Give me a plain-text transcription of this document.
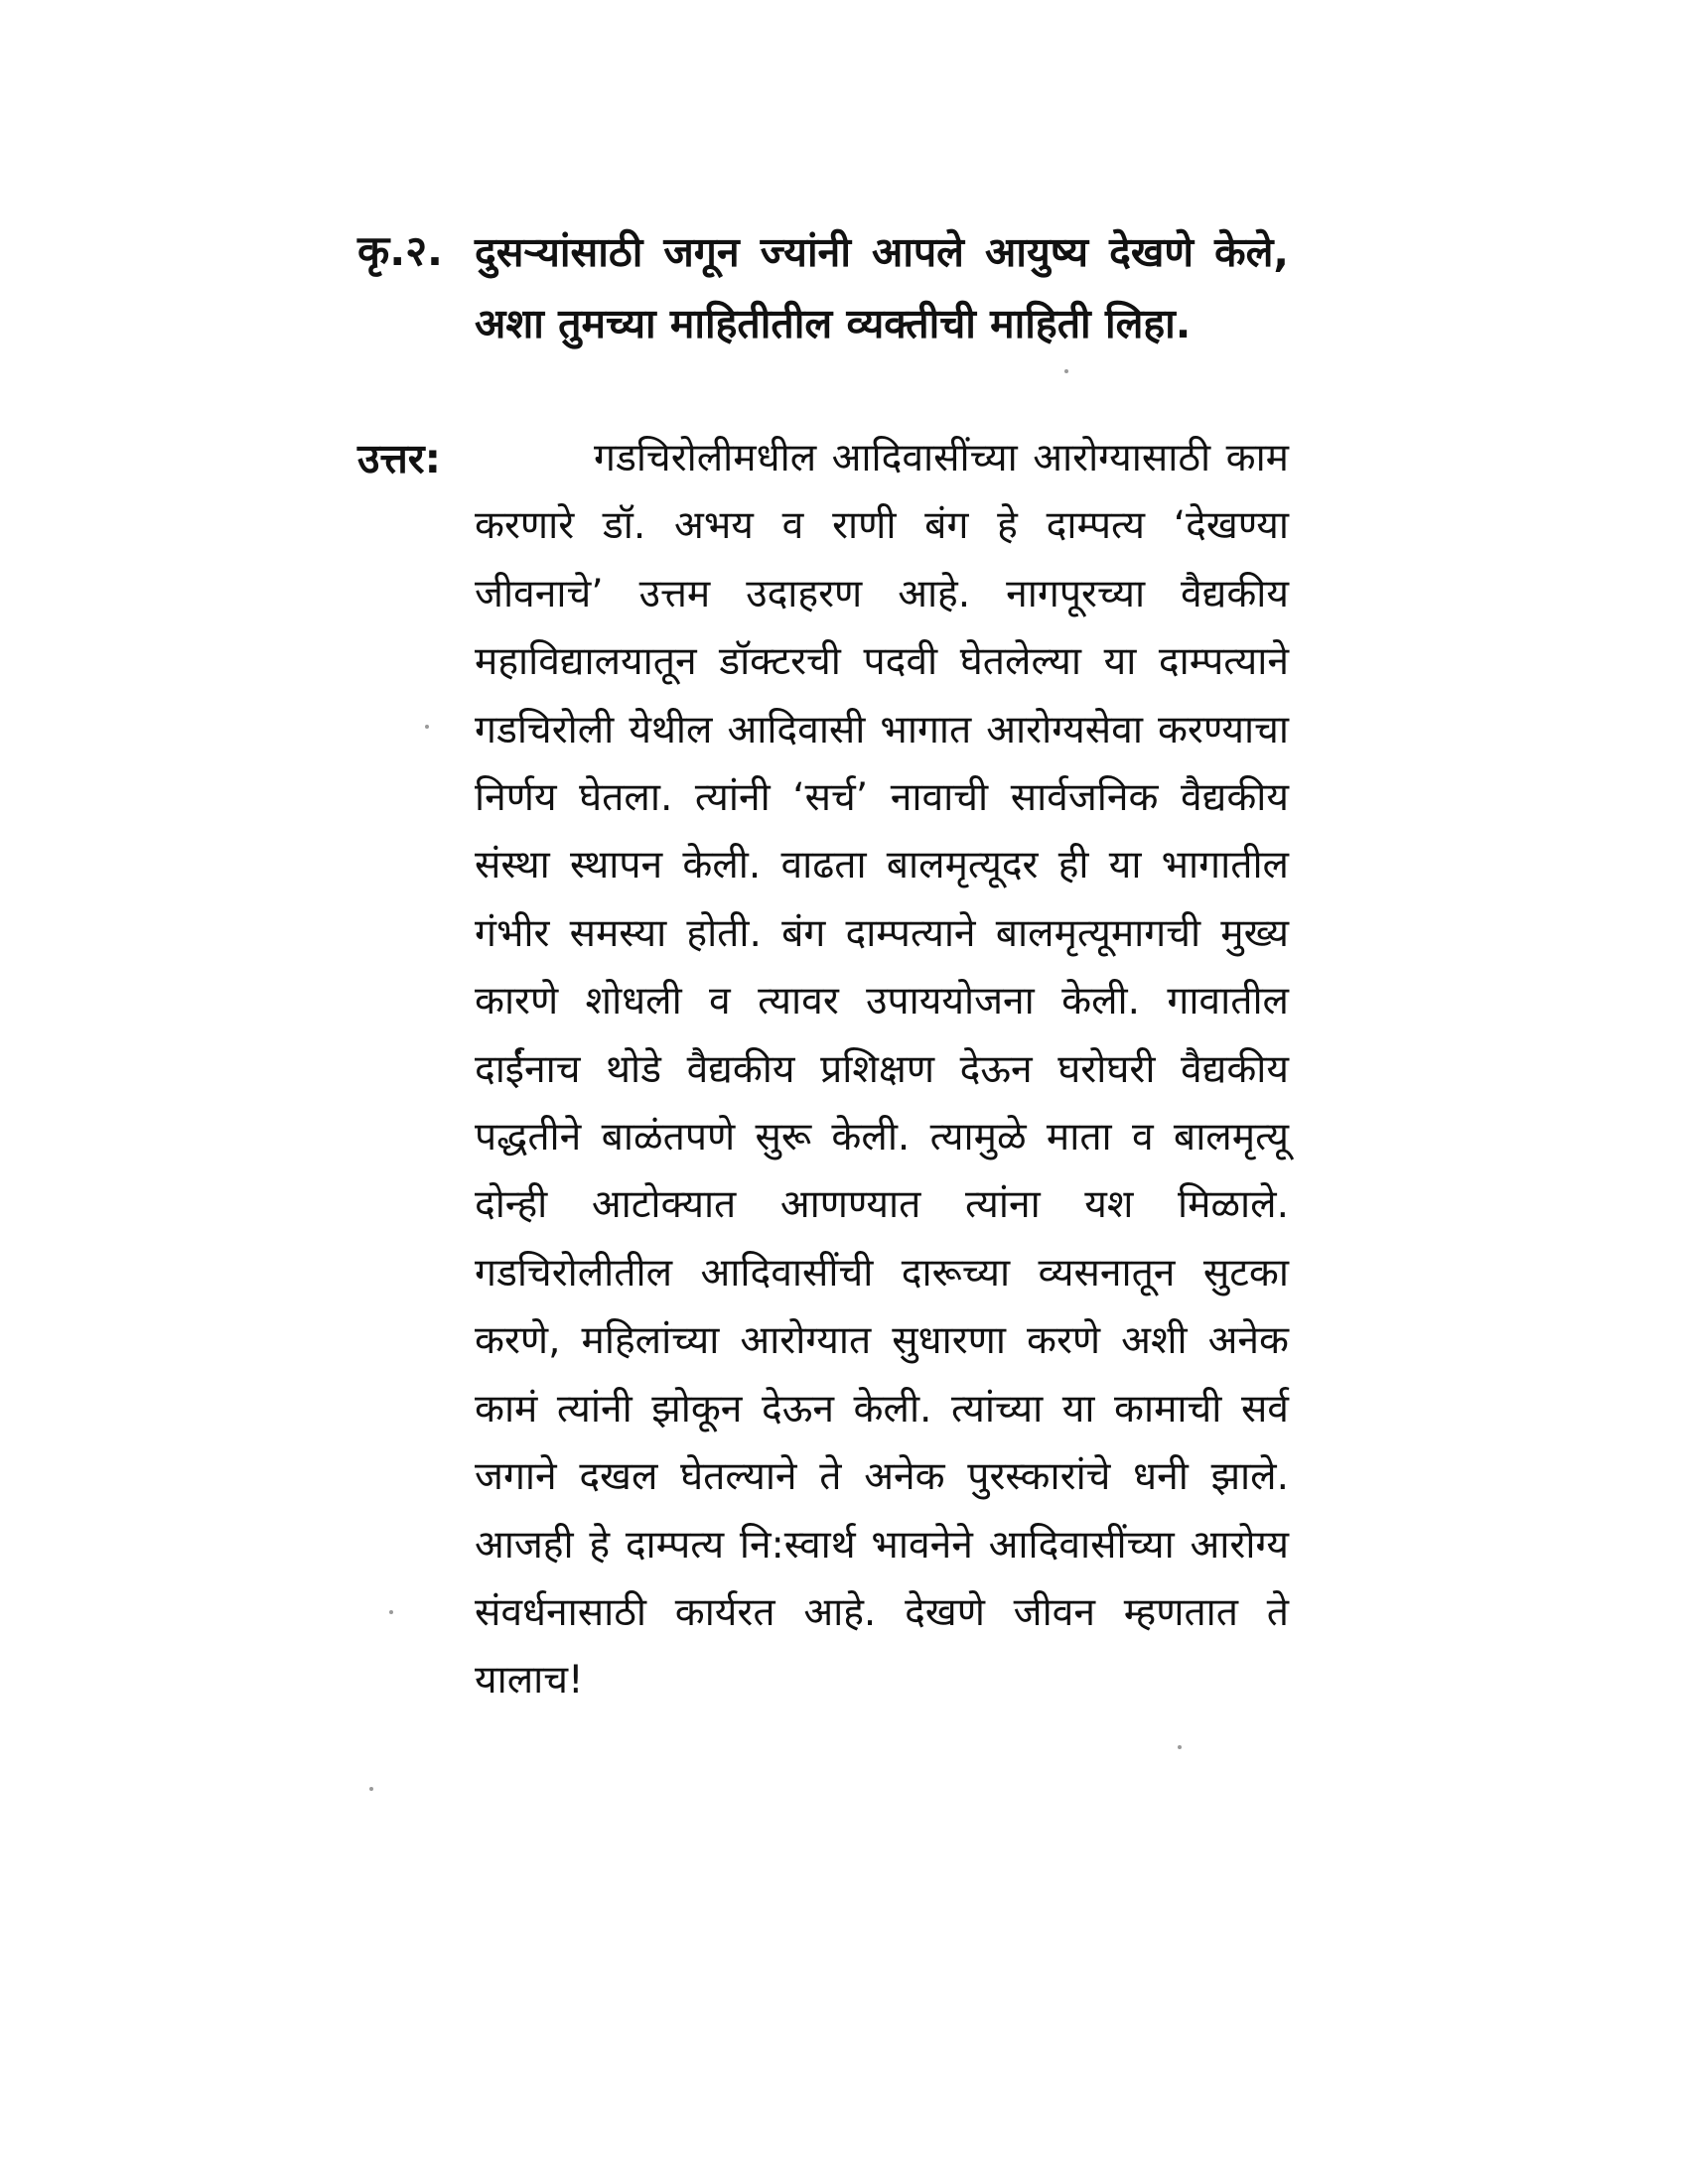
कृ.२. दुसऱ्यांसाठी जगून ज्यांनी आपले आयुष्य देखणे केले, अशा तुमच्या माहितीतील व्यक्तीची माहिती लिहा.
उत्तर:	गडचिरोलीमधील आदिवासींच्या आरोग्यासाठी काम करणारे डॉ. अभय व राणी बंग हे दाम्पत्य ‘देखण्या जीवनाचे’ उत्तम उदाहरण आहे. नागपूरच्या वैद्यकीय महाविद्यालयातून डॉक्टरची पदवी घेतलेल्या या दाम्पत्याने गडचिरोली येथील आदिवासी भागात आरोग्यसेवा करण्याचा निर्णय घेतला. त्यांनी ‘सर्च’ नावाची सार्वजनिक वैद्यकीय संस्था स्थापन केली. वाढता बालमृत्यूदर ही या भागातील गंभीर समस्या होती. बंग दाम्पत्याने बालमृत्यूमागची मुख्य कारणे शोधली व त्यावर उपाययोजना केली. गावातील दाईंनाच थोडे वैद्यकीय प्रशिक्षण देऊन घरोघरी वैद्यकीय पद्धतीने बाळंतपणे सुरू केली. त्यामुळे माता व बालमृत्यू दोन्ही आटोक्यात आणण्यात त्यांना यश मिळाले. गडचिरोलीतील आदिवासींची दारूच्या व्यसनातून सुटका करणे, महिलांच्या आरोग्यात सुधारणा करणे अशी अनेक कामं त्यांनी झोकून देऊन केली. त्यांच्या या कामाची सर्व जगाने दखल घेतल्याने ते अनेक पुरस्कारांचे धनी झाले. आजही हे दाम्पत्य नि:स्वार्थ भावनेने आदिवासींच्या आरोग्य संवर्धनासाठी कार्यरत आहे. देखणे जीवन म्हणतात ते यालाच!
